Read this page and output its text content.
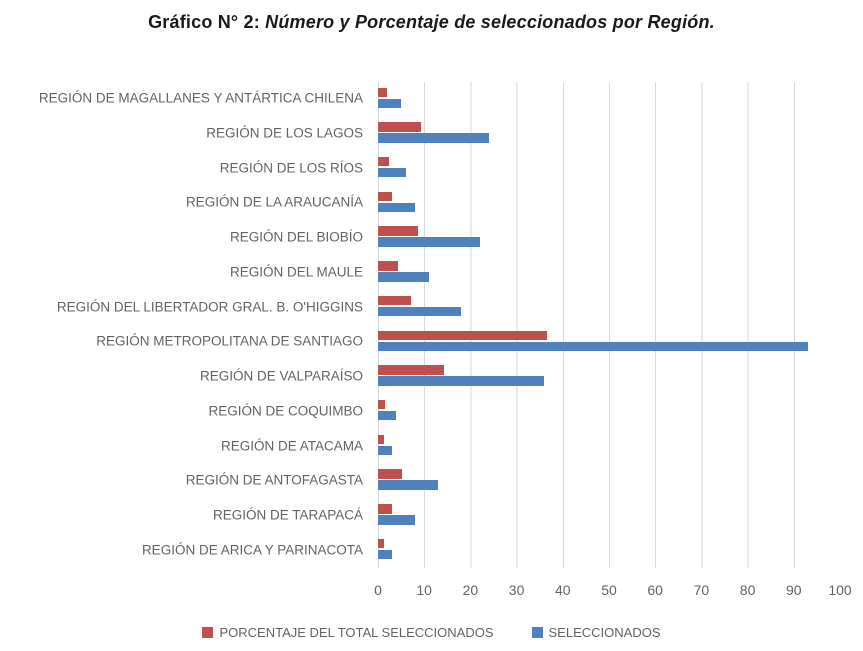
Gráfico N° 2: Número y Porcentaje de seleccionados por Región.
REGIÓN DE MAGALLANES Y ANTÁRTICA CHILENA
REGIÓN DE LOS LAGOS
REGIÓN DE LOS RÍOS
REGIÓN DE LA ARAUCANÍA
REGIÓN DEL BIOBÍO
REGIÓN DEL MAULE
REGIÓN DEL LIBERTADOR GRAL. B. O'HIGGINS
REGIÓN METROPOLITANA DE SANTIAGO
REGIÓN DE VALPARAÍSO
REGIÓN DE COQUIMBO
REGIÓN DE ATACAMA
REGIÓN DE ANTOFAGASTA
REGIÓN DE TARAPACÁ
REGIÓN DE ARICA Y PARINACOTA
0 10 20 30 40 50 60 70 80 90 100
PORCENTAJE DEL TOTAL SELECCIONADOS	SELECCIONADOS
